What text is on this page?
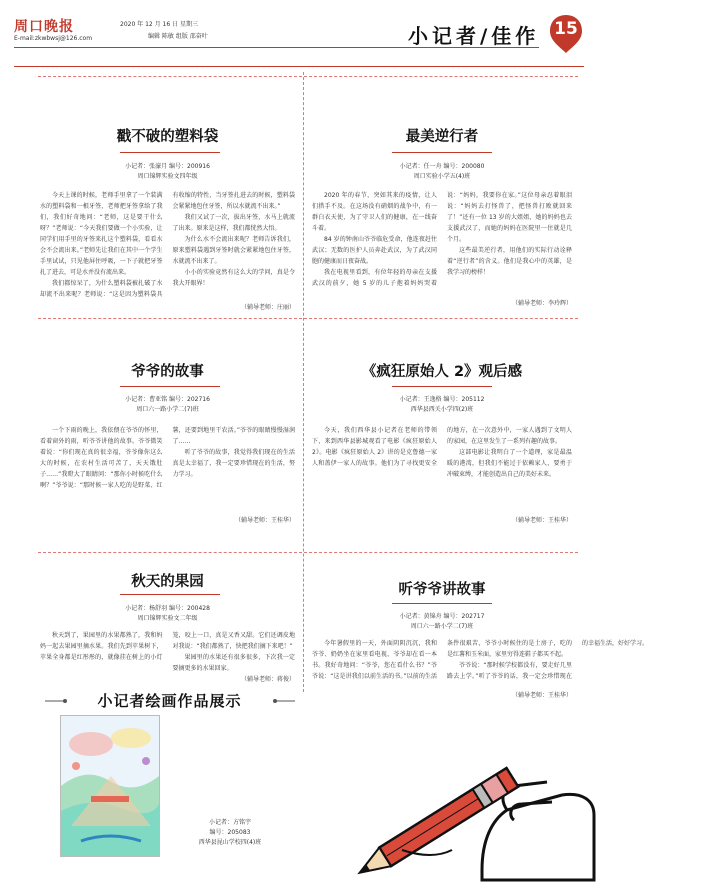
周口晚报
E-mail:zkwbwsj@126.com
2020 年 12 月 16 日 星期三
编辑 陈敏 组版 邵奋叶	小记者/佳作 15
戳不破的塑料袋
小记者：张濠月 编号：200916
周口锦辉实验文四年级

今天上课的时候，老师手里拿了一个装满水的塑料袋和一根牙签，老师把牙签拿给了我们，我们好奇地问：“老师，这是要干什么呀？”老师说：“今天我们要做一个小实验，让同学们用手里的牙签来扎这个塑料袋，看看水会不会流出来。”老师先让我们在其中一个学生手里试试，只见他屏住呼吸，一下子就把牙签扎了进去，可是水并没有流出来。

我们都惊呆了，为什么塑料袋被扎破了水却流不出来呢？老师说：“这是因为塑料袋具有收缩的特性，当牙签扎进去的时候，塑料袋会紧紧地包住牙签，所以水就流不出来。”

我们又试了一次，拔出牙签，水马上就流了出来。原来是这样，我们都恍然大悟。

为什么水不会流出来呢？老师告诉我们，原来塑料袋遇到牙签时就会紧紧地包住牙签，水就流不出来了。

小小的实验竟然有这么大的学问，真是令我大开眼界！

（辅导老师：庄丽）
最美逆行者
小记者：任一舟 编号：200080
周口实验小学五(4)班

2020 年的春节，突如其来的疫情，让人们措手不及。在这场没有硝烟的战争中，有一群白衣天使，为了守卫人们的健康，在一线奋斗着。

84 岁的钟南山爷爷临危受命，他连夜赶往武汉；无数的医护人员奔赴武汉，为了武汉同胞的健康而日夜奋战。

我在电视里看到，有位年轻的母亲在支援武汉的前夕，她 5 岁的儿子抱着妈妈哭着说：“妈妈，我要你在家。”这位母亲忍着眼泪说：“妈妈去打怪兽了，把怪兽打败就回来了！”还有一位 13 岁的大姐姐，她的妈妈也去支援武汉了，而她的妈妈在医院里一住就是几个月。

这些最美逆行者，用他们的实际行动诠释着“逆行者”的含义。他们是我心中的英雄，是我学习的榜样！

（辅导老师：李玲辉）
爷爷的故事
小记者：曹亚铭 编号：202716
周口六一路小学二(7)班

一个下雨的晚上，我依偎在爷爷的怀里，看着窗外的雨，听爷爷讲他的故事。爷爷微笑着说：“你们现在真的很幸福，爷爷像你这么大的时候，在农村生活可苦了，天天饿肚子……”我瞪大了眼睛问：“那你小时候吃什么啊？”爷爷说：“那时候一家人吃的是野菜、红薯，还要到地里干农活。”爷爷的眼睛慢慢湿润了……

听了爷爷的故事，我觉得我们现在的生活真是太幸福了，我一定要珍惜现在的生活，努力学习。

（辅导老师：王桂华）
《疯狂原始人 2》观后感
小记者：王逸格 编号：205112
西华县西关小学四(2)班

今天，我们西华县小记者在老师的带领下，来到西华县影城观看了电影《疯狂原始人 2》。电影《疯狂原始人 2》讲的是克鲁德一家人和盖伊一家人的故事。他们为了寻找更安全的地方，在一次意外中，一家人遇到了文明人的家园，在这里发生了一系列有趣的故事。

这部电影让我明白了一个道理，家是最温暖的港湾，但我们不能过于依赖家人，要勇于冲破束缚，才能创造出自己的美好未来。

（辅导老师：王桂华）
秋天的果园
小记者：杨舒羽 编号：200428
周口锦辉实验文二年级

秋天到了，果园里的水果都熟了，我和妈妈一起去果园里摘水果。我们先到苹果树下，苹果全身都是红彤彤的，就像挂在树上的小灯笼，咬上一口，真是又香又甜。它们还调皮地对我说：“我们都熟了，快把我们摘下来吧！”

果园里的水果还有很多很多，下次我一定要摘更多的水果回家。

（辅导老师：蒋俊）
听爷爷讲故事
小记者：黄锦舟 编号：202717
周口六一路小学二(7)班

今年暑假里的一天，外面阴阴沉沉，我和爷爷、奶奶坐在家里看电视，爷爷却在看一本书。我好奇地问：“爷爷，您在看什么书？”爷爷说：“这是讲我们以前生活的书。”以前的生活条件很艰苦，爷爷小时候住的是土房子，吃的是红薯和玉米面，家里穷得连鞋子都买不起。

爷爷说：“那时候学校都没有，要走好几里路去上学。”听了爷爷的话，我一定会珍惜现在的幸福生活，好好学习。

（辅导老师：王桂华）
小记者绘画作品展示
小记者：方铭宇
编号：205083
西华县昆山学校四(4)班
